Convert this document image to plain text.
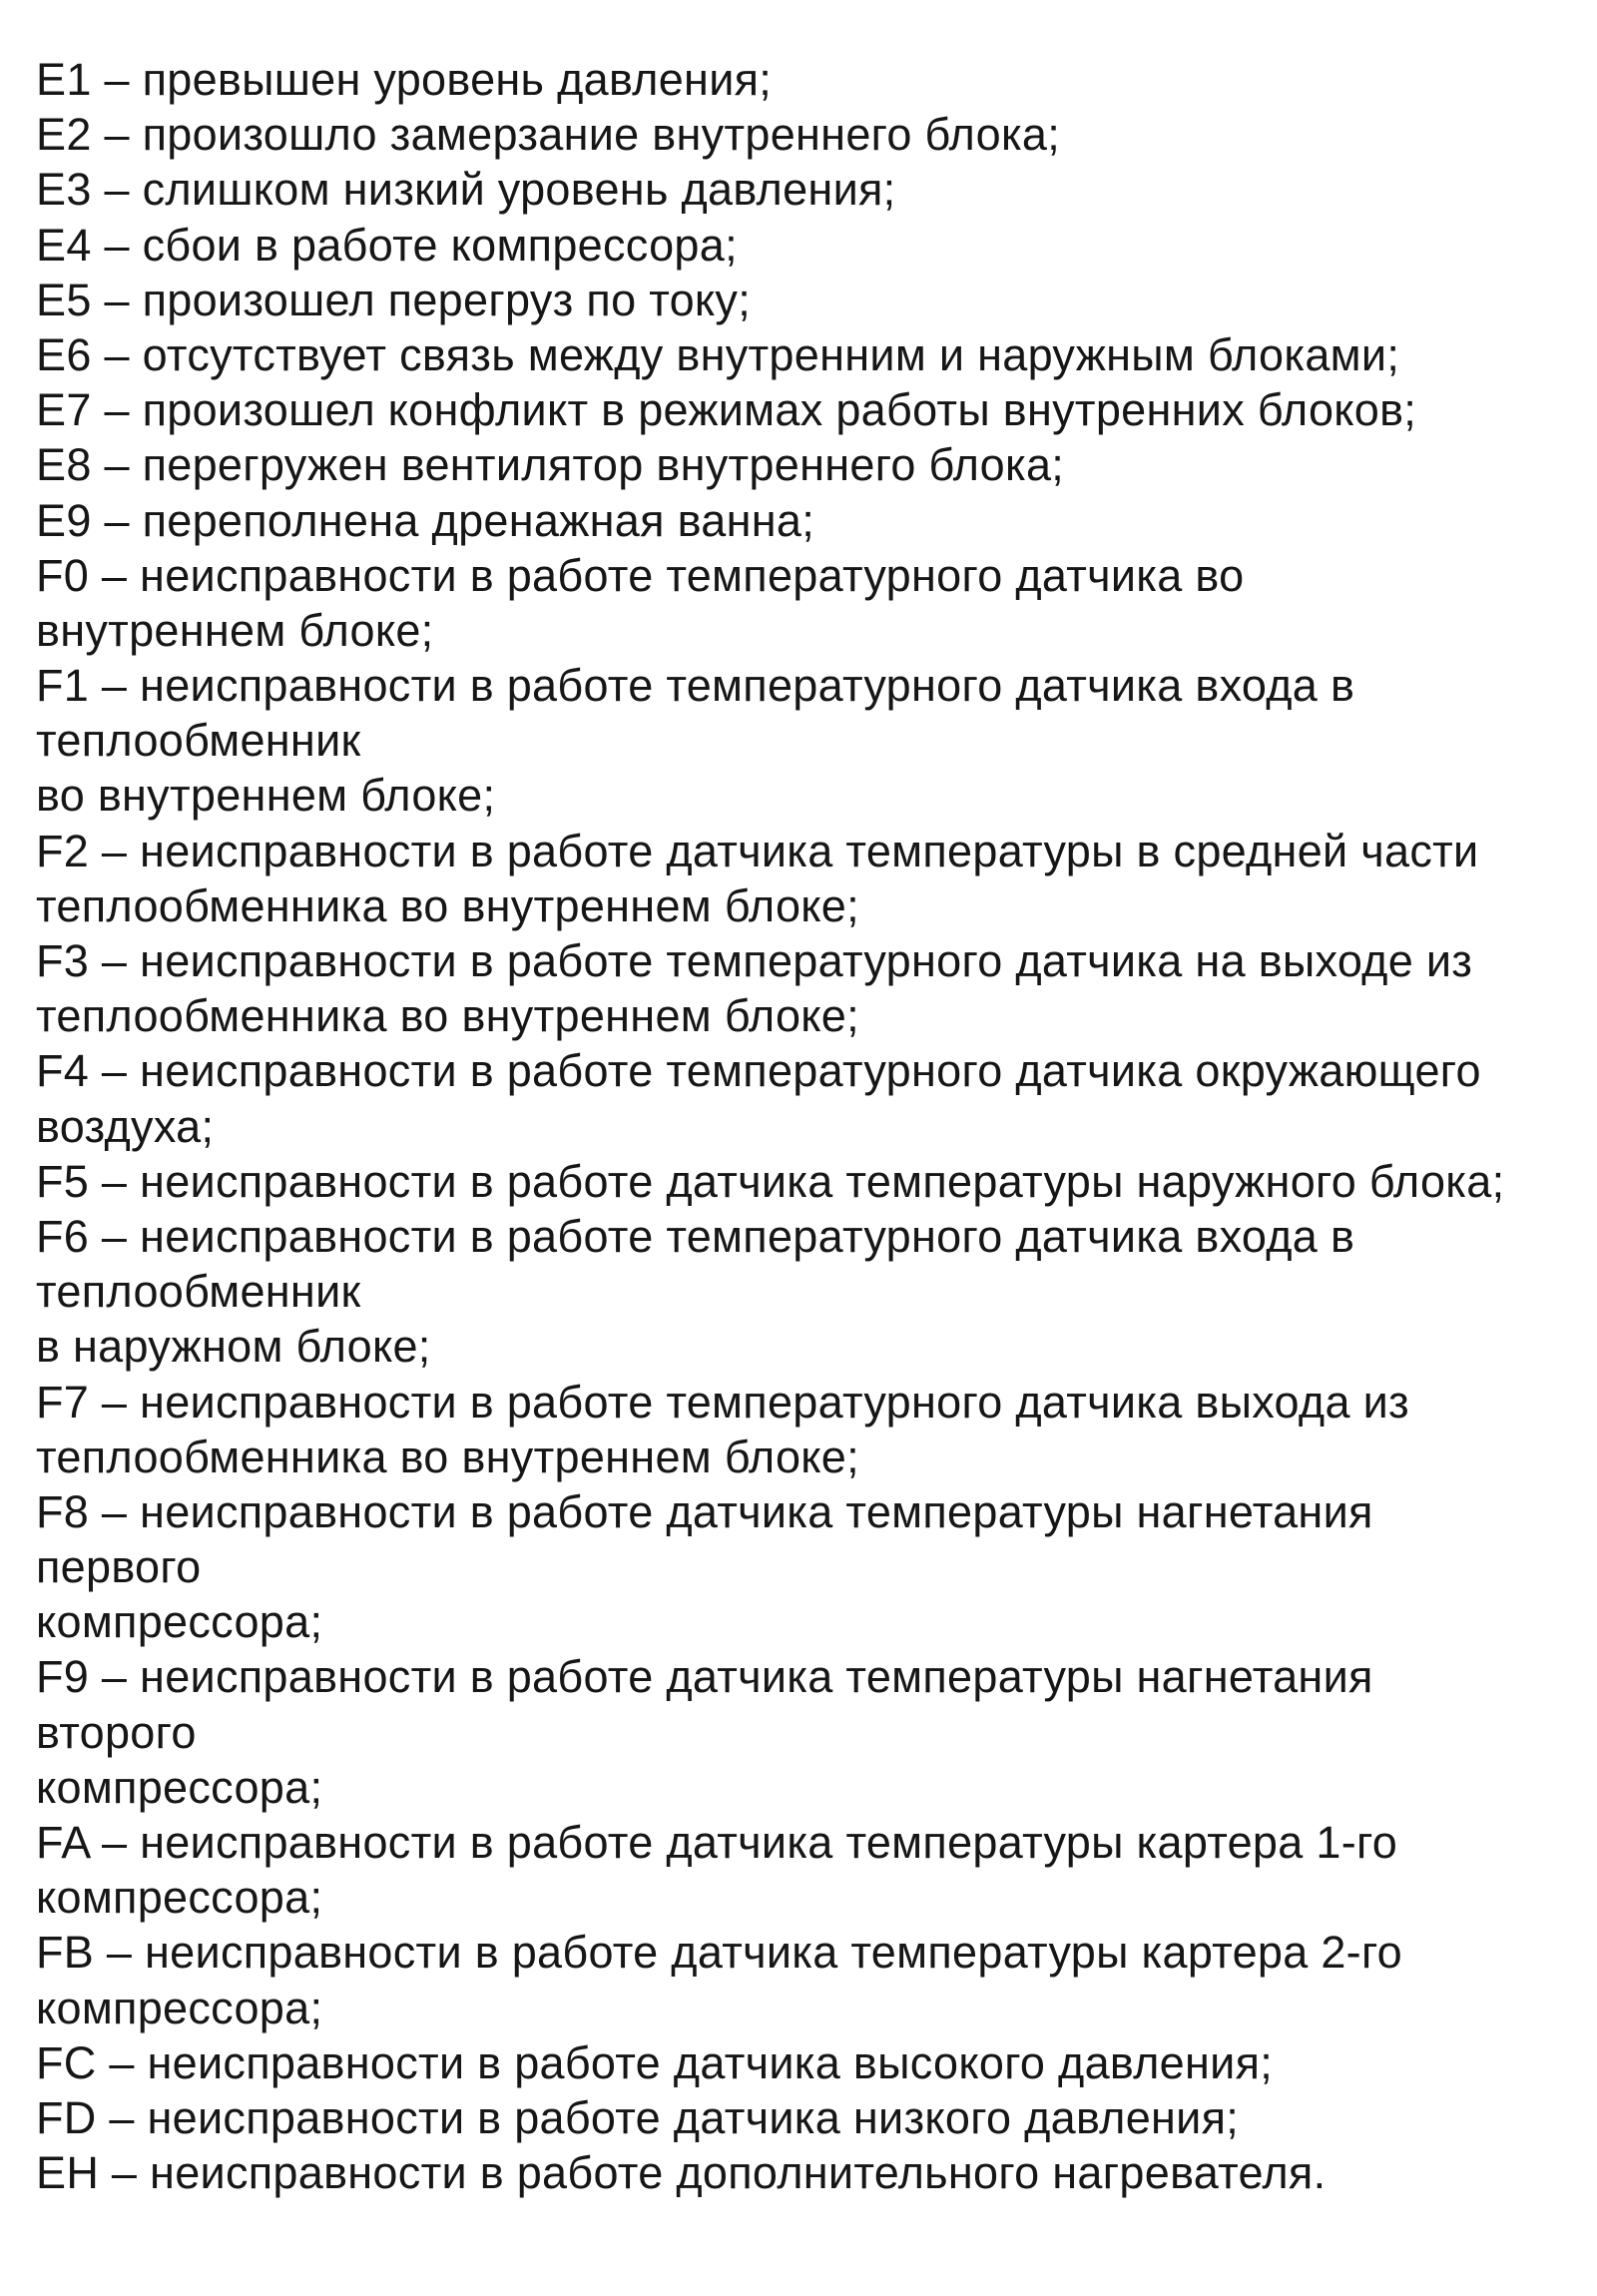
E1 – превышен уровень давления;
E2 – произошло замерзание внутреннего блока;
E3 – слишком низкий уровень давления;
E4 – сбои в работе компрессора;
E5 – произошел перегруз по току;
E6 – отсутствует связь между внутренним и наружным блоками;
E7 – произошел конфликт в режимах работы внутренних блоков;
E8 – перегружен вентилятор внутреннего блока;
E9 – переполнена дренажная ванна;
F0 – неисправности в работе температурного датчика во
внутреннем блоке;
F1 – неисправности в работе температурного датчика входа в
теплообменник
во внутреннем блоке;
F2 – неисправности в работе датчика температуры в средней части
теплообменника во внутреннем блоке;
F3 – неисправности в работе температурного датчика на выходе из
теплообменника во внутреннем блоке;
F4 – неисправности в работе температурного датчика окружающего
воздуха;
F5 – неисправности в работе датчика температуры наружного блока;
F6 – неисправности в работе температурного датчика входа в
теплообменник
в наружном блоке;
F7 – неисправности в работе температурного датчика выхода из
теплообменника во внутреннем блоке;
F8 – неисправности в работе датчика температуры нагнетания
первого
компрессора;
F9 – неисправности в работе датчика температуры нагнетания
второго
компрессора;
FA – неисправности в работе датчика температуры картера 1-го
компрессора;
FB – неисправности в работе датчика температуры картера 2-го
компрессора;
FC – неисправности в работе датчика высокого давления;
FD – неисправности в работе датчика низкого давления;
EH – неисправности в работе дополнительного нагревателя.
